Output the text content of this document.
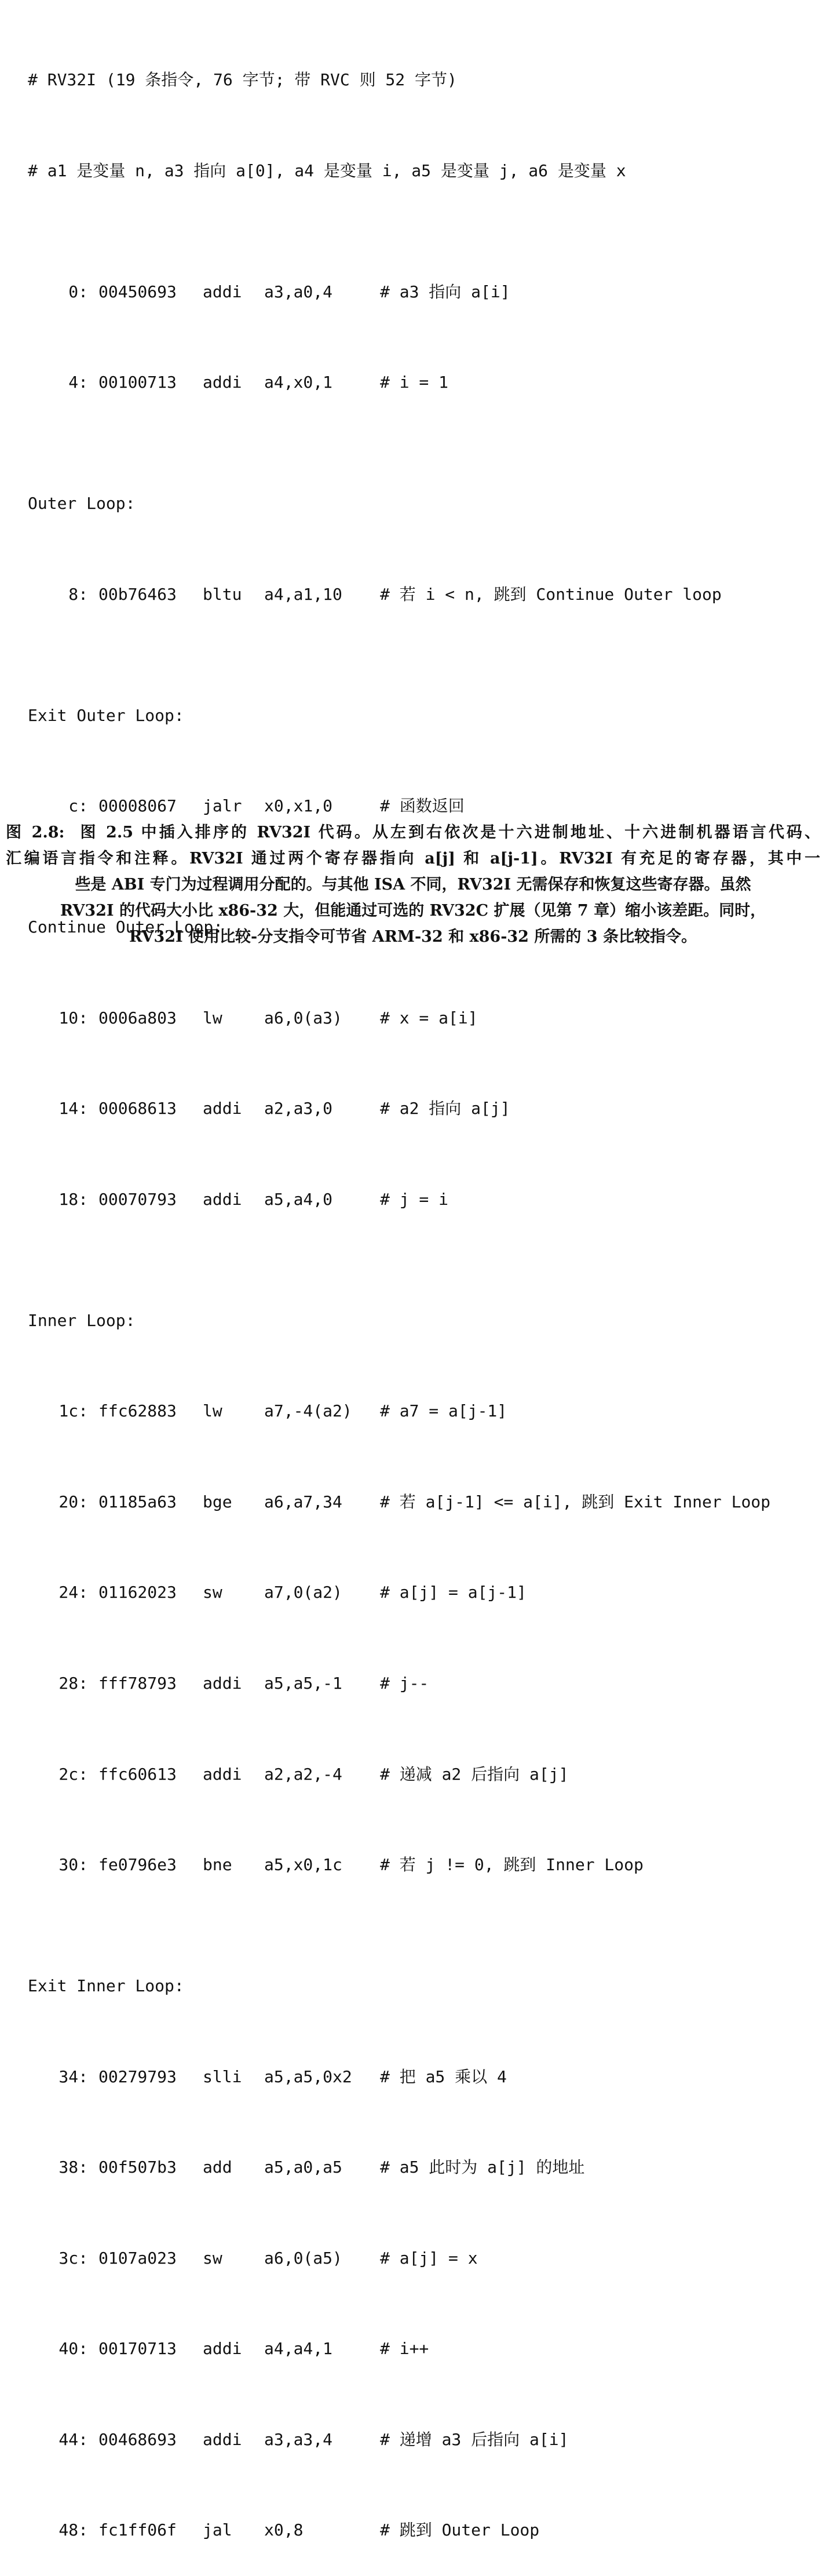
# RV32I (19 条指令, 76 字节; 带 RVC 则 52 字节)

# a1 是变量 n, a3 指向 a[0], a4 是变量 i, a5 是变量 j, a6 是变量 x

0: 00450693	addi	a3,a0,4	# a3 指向 a[i]

4: 00100713	addi	a4,x0,1	# i = 1

Outer Loop:

8: 00b76463	bltu	a4,a1,10	# 若 i < n, 跳到 Continue Outer loop

Exit Outer Loop:

c: 00008067	jalr	x0,x1,0	# 函数返回

Continue Outer Loop:

10: 0006a803	lw	a6,0(a3)	# x = a[i]

14: 00068613	addi	a2,a3,0	# a2 指向 a[j]

18: 00070793	addi	a5,a4,0	# j = i

Inner Loop:

1c: ffc62883	lw	a7,-4(a2)	# a7 = a[j-1]

20: 01185a63	bge	a6,a7,34	# 若 a[j-1] <= a[i], 跳到 Exit Inner Loop

24: 01162023	sw	a7,0(a2)	# a[j] = a[j-1]

28: fff78793	addi	a5,a5,-1	# j--

2c: ffc60613	addi	a2,a2,-4	# 递减 a2 后指向 a[j]

30: fe0796e3	bne	a5,x0,1c	# 若 j != 0, 跳到 Inner Loop

Exit Inner Loop:

34: 00279793	slli	a5,a5,0x2	# 把 a5 乘以 4

38: 00f507b3	add	a5,a0,a5	# a5 此时为 a[j] 的地址

3c: 0107a023	sw	a6,0(a5)	# a[j] = x

40: 00170713	addi	a4,a4,1	# i++

44: 00468693	addi	a3,a3,4	# 递增 a3 后指向 a[i]

48: fc1ff06f	jal	x0,8	# 跳到 Outer Loop

图 2.8:  图 2.5 中插入排序的 RV32I 代码。从左到右依次是十六进制地址、十六进制机器语言代码、
汇编语言指令和注释。RV32I 通过两个寄存器指向 a[j] 和 a[j-1]。RV32I 有充足的寄存器，其中一
些是 ABI 专门为过程调用分配的。与其他 ISA 不同，RV32I 无需保存和恢复这些寄存器。虽然
RV32I 的代码大小比 x86-32 大，但能通过可选的 RV32C 扩展（见第 7 章）缩小该差距。同时，
RV32I 使用比较-分支指令可节省 ARM-32 和 x86-32 所需的 3 条比较指令。
